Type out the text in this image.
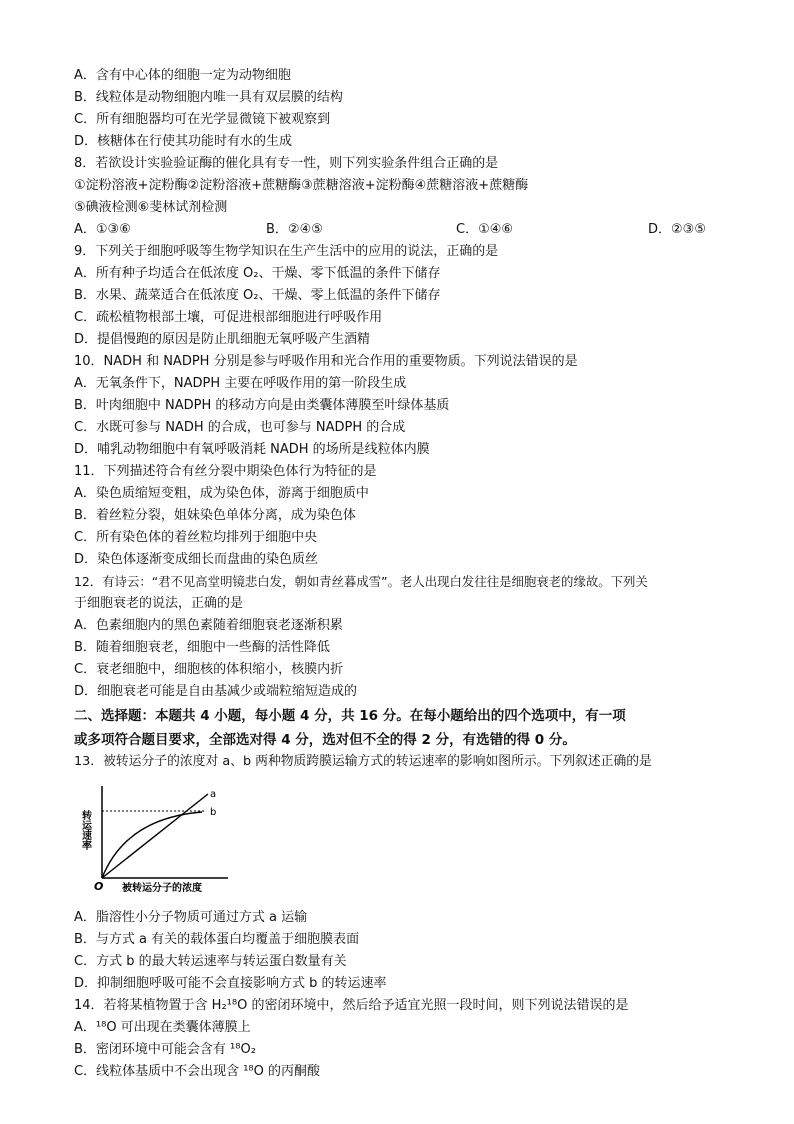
A．含有中心体的细胞一定为动物细胞
B．线粒体是动物细胞内唯一具有双层膜的结构
C．所有细胞器均可在光学显微镜下被观察到
D．核糖体在行使其功能时有水的生成
8．若欲设计实验验证酶的催化具有专一性，则下列实验条件组合正确的是
①淀粉溶液+淀粉酶②淀粉溶液+蔗糖酶③蔗糖溶液+淀粉酶④蔗糖溶液+蔗糖酶
⑤碘液检测⑥斐林试剂检测
A．①③⑥	B．②④⑤	C．①④⑥	D．②③⑤
9．下列关于细胞呼吸等生物学知识在生产生活中的应用的说法，正确的是
A．所有种子均适合在低浓度 O₂、干燥、零下低温的条件下储存
B．水果、蔬菜适合在低浓度 O₂、干燥、零上低温的条件下储存
C．疏松植物根部土壤，可促进根部细胞进行呼吸作用
D．提倡慢跑的原因是防止肌细胞无氧呼吸产生酒精
10．NADH 和 NADPH 分别是参与呼吸作用和光合作用的重要物质。下列说法错误的是
A．无氧条件下，NADPH 主要在呼吸作用的第一阶段生成
B．叶肉细胞中 NADPH 的移动方向是由类囊体薄膜至叶绿体基质
C．水既可参与 NADH 的合成，也可参与 NADPH 的合成
D．哺乳动物细胞中有氧呼吸消耗 NADH 的场所是线粒体内膜
11．下列描述符合有丝分裂中期染色体行为特征的是
A．染色质缩短变粗，成为染色体，游离于细胞质中
B．着丝粒分裂，姐妹染色单体分离，成为染色体
C．所有染色体的着丝粒均排列于细胞中央
D．染色体逐渐变成细长而盘曲的染色质丝
12．有诗云：“君不见高堂明镜悲白发，朝如青丝暮成雪”。老人出现白发往往是细胞衰老的缘故。下列关
于细胞衰老的说法，正确的是
A．色素细胞内的黑色素随着细胞衰老逐渐积累
B．随着细胞衰老，细胞中一些酶的活性降低
C．衰老细胞中，细胞核的体积缩小，核膜内折
D．细胞衰老可能是自由基减少或端粒缩短造成的
二、选择题：本题共 4 小题，每小题 4 分，共 16 分。在每小题给出的四个选项中，有一项
或多项符合题目要求，全部选对得 4 分，选对但不全的得 2 分，有选错的得 0 分。
13．被转运分子的浓度对 a、b 两种物质跨膜运输方式的转运速率的影响如图所示。下列叙述正确的是
a
b
O 被转运分子的浓度
转运速率
A．脂溶性小分子物质可通过方式 a 运输
B．与方式 a 有关的载体蛋白均覆盖于细胞膜表面
C．方式 b 的最大转运速率与转运蛋白数量有关
D．抑制细胞呼吸可能不会直接影响方式 b 的转运速率
14．若将某植物置于含 H₂¹⁸O 的密闭环境中，然后给予适宜光照一段时间，则下列说法错误的是
A．¹⁸O 可出现在类囊体薄膜上
B．密闭环境中可能会含有 ¹⁸O₂
C．线粒体基质中不会出现含 ¹⁸O 的丙酮酸
